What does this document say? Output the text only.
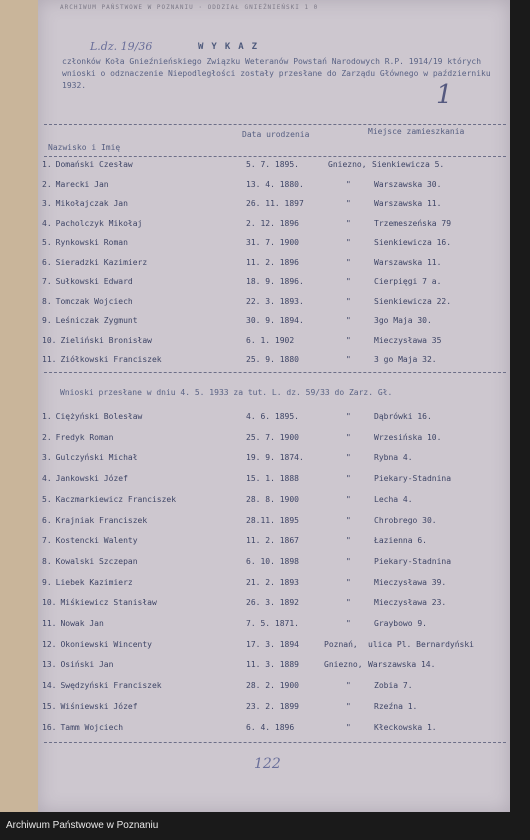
ARCHIWUM PAŃSTWOWE W POZNANIU · ODDZIAŁ GNIEŹNIEŃSKI 1 0
L.dz. 19/36	WYKAZ
członków Koła Gnieźnieńskiego Związku Weteranów Powstań Narodowych R.P. 1914/19 których wnioski o odznaczenie Niepodległości zostały przesłane do Zarządu Głównego w październiku 1932.	1
Nazwisko i Imię
Data urodzenia	Miejsce zamieszkania
1. Domański Czesław	5. 7. 1895.	Gniezno, Sienkiewicza 5.
2. Marecki Jan	13. 4. 1880.	"	Warszawska 30.
3. Mikołajczak Jan	26. 11. 1897	"	Warszawska 11.
4. Pacholczyk Mikołaj	2. 12. 1896	"	Trzemeszeńska 79
5. Rynkowski Roman	31. 7. 1900	"	Sienkiewicza 16.
6. Sieradzki Kazimierz	11. 2. 1896	"	Warszawska 11.
7. Sułkowski Edward	18. 9. 1896.	"	Cierpięgi 7 a.
8. Tomczak Wojciech	22. 3. 1893.	"	Sienkiewicza 22.
9. Leśniczak Zygmunt	30. 9. 1894.	"	3go Maja 30.
10. Zieliński Bronisław	6. 1. 1902	"	Mieczysława 35
11. Ziółkowski Franciszek	25. 9. 1880	"	3 go Maja 32.
Wnioski przesłane w dniu 4. 5. 1933 za tut. L. dz. 59/33 do Zarz. Gł.
1. Ciężyński Bolesław	4. 6. 1895.	"	Dąbrówki 16.
2. Fredyk Roman	25. 7. 1900	"	Wrzesińska 10.
3. Gulczyński Michał	19. 9. 1874.	"	Rybna 4.
4. Jankowski Józef	15. 1. 1888	"	Piekary-Stadnina
5. Kaczmarkiewicz Franciszek	28. 8. 1900	"	Lecha 4.
6. Krajniak Franciszek	28.11. 1895	"	Chrobrego 30.
7. Kostencki Walenty	11. 2. 1867	"	Łazienna 6.
8. Kowalski Szczepan	6. 10. 1898	"	Piekary-Stadnina
9. Liebek Kazimierz	21. 2. 1893	"	Mieczysława 39.
10. Miśkiewicz Stanisław	26. 3. 1892	"	Mieczysława 23.
11. Nowak Jan	7. 5. 1871.	"	Graybowo 9.
12. Okoniewski Wincenty	17. 3. 1894	Poznań, ulica Pl. Bernardyński
13. Osiński Jan	11. 3. 1889	Gniezno, Warszawska 14.
14. Swędzyński Franciszek	28. 2. 1900	"	Zobia 7.
15. Wiśniewski Józef	23. 2. 1899	"	Rzeźna 1.
16. Tamm Wojciech	6. 4. 1896	"	Kłeckowska 1.
122
Archiwum Państwowe w Poznaniu
